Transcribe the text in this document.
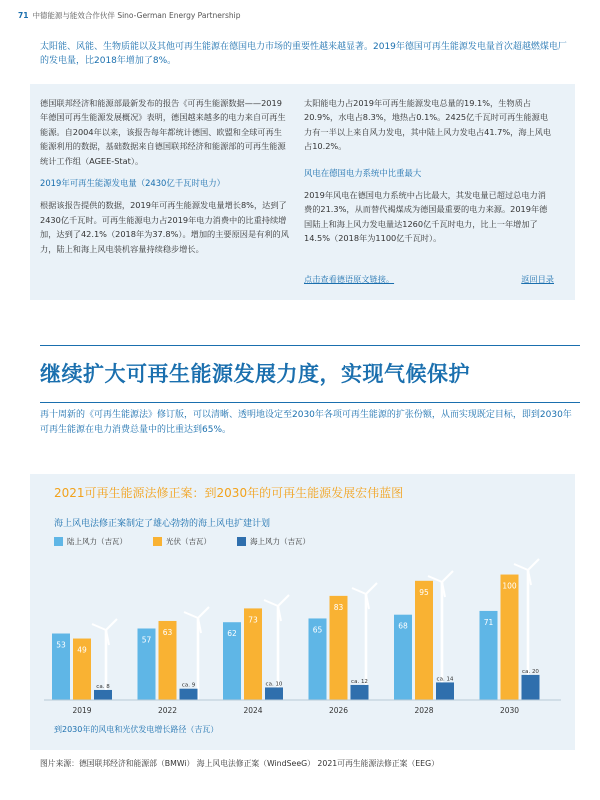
71 中德能源与能效合作伙伴 Sino-German Energy Partnership
太阳能、风能、生物质能以及其他可再生能源在德国电力市场的重要性越来越显著。2019年德国可再生能源发电量首次超越燃煤电厂的发电量，比2018年增加了8%。

德国联邦经济和能源部最新发布的报告《可再生能源数据——2019年德国可再生能源发展概况》表明，德国越来越多的电力来自可再生能源。自2004年以来，该报告每年都统计德国、欧盟和全球可再生能源利用的数据，基础数据来自德国联邦经济和能源部的可再生能源统计工作组（AGEE-Stat）。

2019年可再生能源发电量（2430亿千瓦时电力）

根据该报告提供的数据，2019年可再生能源发电量增长8%，达到了2430亿千瓦时。可再生能源电力占2019年电力消费中的比重持续增加，达到了42.1%（2018年为37.8%）。增加的主要原因是有利的风力，陆上和海上风电装机容量持续稳步增长。

太阳能电力占2019年可再生能源发电总量的19.1%，生物质占20.9%，水电占8.3%，地热占0.1%。2425亿千瓦时可再生能源电力有一半以上来自风力发电，其中陆上风力发电占41.7%，海上风电占10.2%。

风电在德国电力系统中比重最大

2019年风电在德国电力系统中占比最大，其发电量已超过总电力消费的21.3%，从而替代褐煤成为德国最重要的电力来源。2019年德国陆上和海上风力发电量达1260亿千瓦时电力，比上一年增加了14.5%（2018年为1100亿千瓦时）。

点击查看德语原文链接。	返回目录
继续扩大可再生能源发展力度，实现气候保护
再十周新的《可再生能源法》修订版，可以清晰、透明地设定至2030年各项可再生能源的扩张份额，从而实现既定目标，即到2030年可再生能源在电力消费总量中的比重达到65%。
2021可再生能源法修正案：到2030年的可再生能源发展宏伟蓝图
海上风电法修正案制定了雄心勃勃的海上风电扩建计划
陆上风力（吉瓦）	光伏（吉瓦）	海上风力（吉瓦）
53
49
ca. 8
2019
57
63
ca. 9
2022
62
73
ca. 10
2024
65
83
ca. 12
2026
68
95
ca. 14
2028
71
100
ca. 20
2030
到2030年的风电和光伏发电增长路径（吉瓦）
图片来源：德国联邦经济和能源部（BMWi） 海上风电法修正案（WindSeeG） 2021可再生能源法修正案（EEG）
